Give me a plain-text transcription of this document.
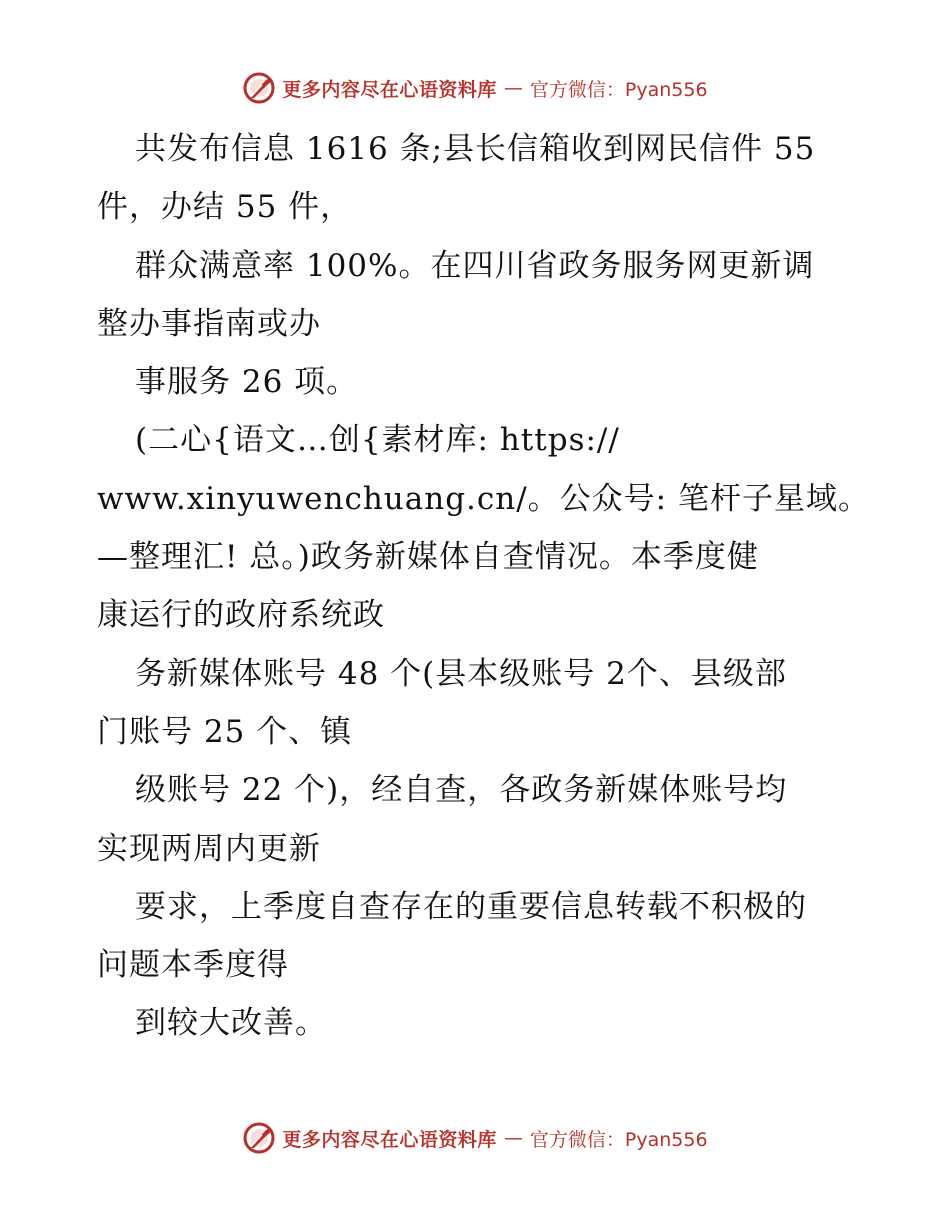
更多内容尽在心语资料库 — 官方微信：Pyan556
共发布信息 1616 条;县长信箱收到网民信件 55
件，办结 55 件，
群众满意率 100%。在四川省政务服务网更新调
整办事指南或办
事服务 26 项。
(二心{语文…创{素材库: https://
www.xinyuwenchuang.cn/。公众号: 笔杆子星域。
—整理汇! 总。)政务新媒体自查情况。本季度健
康运行的政府系统政
务新媒体账号 48 个(县本级账号 2个、县级部
门账号 25 个、镇
级账号 22 个)，经自查，各政务新媒体账号均
实现两周内更新
要求，上季度自查存在的重要信息转载不积极的
问题本季度得
到较大改善。
更多内容尽在心语资料库 — 官方微信：Pyan556
